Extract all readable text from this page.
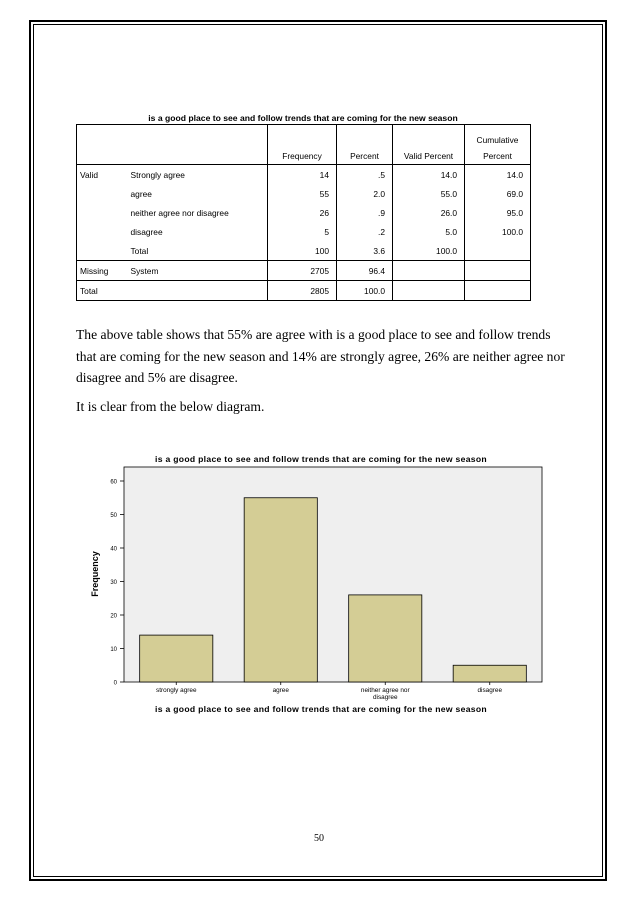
is a good place to see and follow trends that are coming for the new season
		Frequency	Percent	Valid Percent	Cumulative
Percent

Valid	Strongly agree	14	.5	14.0	14.0
	agree	55	2.0	55.0	69.0
	neither agree nor disagree	26	.9	26.0	95.0
	disagree	5	.2	5.0	100.0
	Total	100	3.6	100.0	
Missing	System	2705	96.4		
Total		2805	100.0		
The above table shows that 55% are agree with is a good place to see and follow trends that are coming for the new season and 14% are strongly agree, 26% are neither agree nor disagree and 5% are disagree.
It is clear from the below diagram.
is a good place to see and follow trends that are coming for the new season
0
10
20
30
40
50
60
strongly agree	agree	neither agree nor disagree
disagree
Frequency
is a good place to see and follow trends that are coming for the new season
50
